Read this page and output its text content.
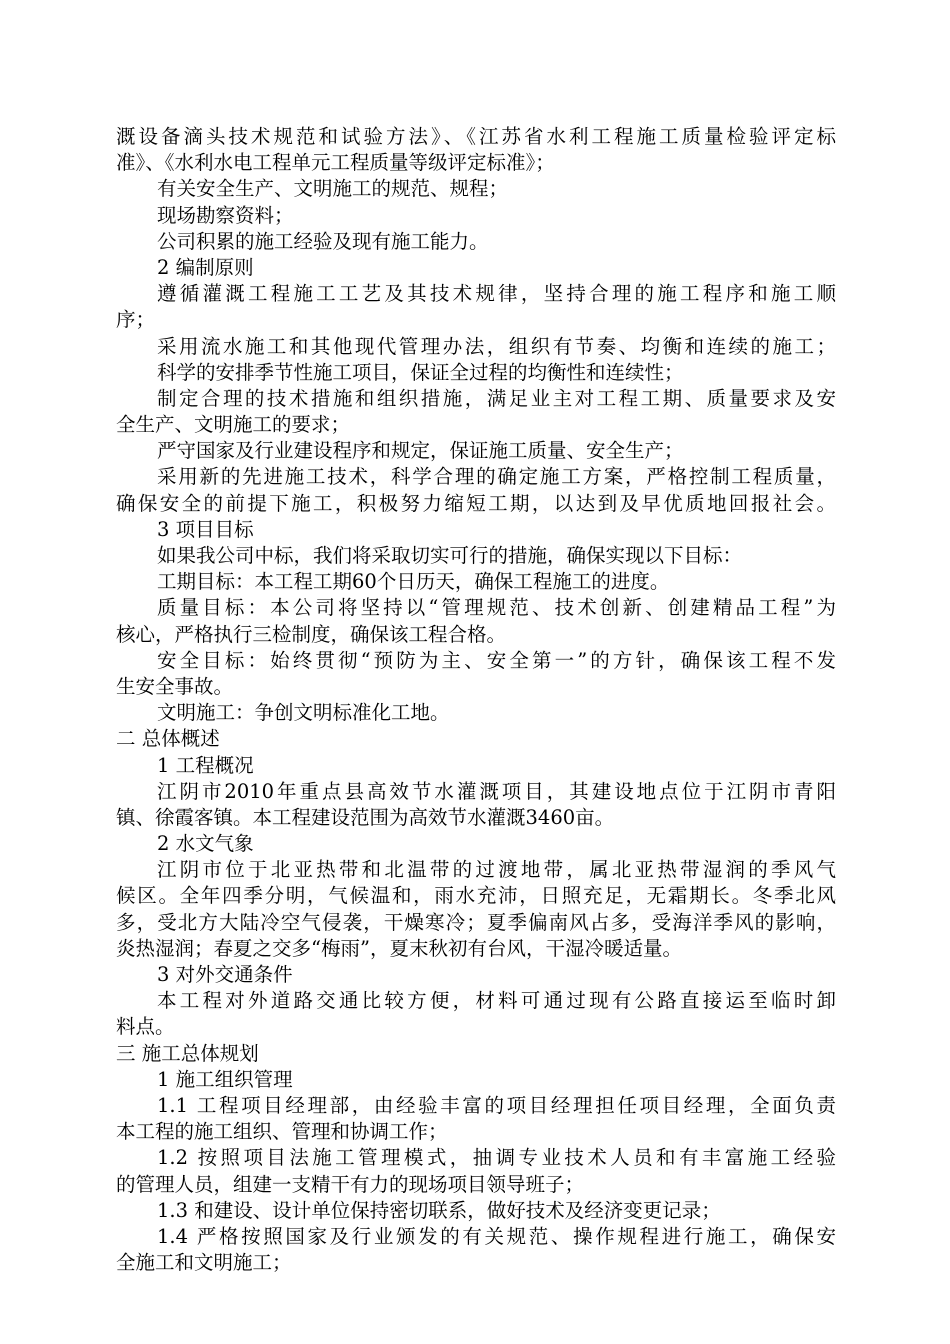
溉设备滴头技术规范和试验方法》、《江苏省水利工程施工质量检验评定标
准》、《水利水电工程单元工程质量等级评定标准》；
有关安全生产、文明施工的规范、规程；
现场勘察资料；
公司积累的施工经验及现有施工能力。
2 编制原则
遵循灌溉工程施工工艺及其技术规律，坚持合理的施工程序和施工顺
序；
采用流水施工和其他现代管理办法，组织有节奏、均衡和连续的施工；
科学的安排季节性施工项目，保证全过程的均衡性和连续性；
制定合理的技术措施和组织措施，满足业主对工程工期、质量要求及安
全生产、文明施工的要求；
严守国家及行业建设程序和规定，保证施工质量、安全生产；
采用新的先进施工技术，科学合理的确定施工方案，严格控制工程质量，
确保安全的前提下施工，积极努力缩短工期，以达到及早优质地回报社会。
3 项目目标
如果我公司中标，我们将采取切实可行的措施，确保实现以下目标：
工期目标：本工程工期60个日历天，确保工程施工的进度。
质量目标：本公司将坚持以“管理规范、技术创新、创建精品工程”为
核心，严格执行三检制度，确保该工程合格。
安全目标：始终贯彻“预防为主、安全第一”的方针，确保该工程不发
生安全事故。
文明施工：争创文明标准化工地。
二 总体概述
1 工程概况
江阴市2010年重点县高效节水灌溉项目，其建设地点位于江阴市青阳
镇、徐霞客镇。本工程建设范围为高效节水灌溉3460亩。
2 水文气象
江阴市位于北亚热带和北温带的过渡地带，属北亚热带湿润的季风气
候区。全年四季分明，气候温和，雨水充沛，日照充足，无霜期长。冬季北风
多，受北方大陆冷空气侵袭，干燥寒冷；夏季偏南风占多，受海洋季风的影响，
炎热湿润；春夏之交多“梅雨”，夏末秋初有台风，干湿冷暖适量。
3 对外交通条件
本工程对外道路交通比较方便，材料可通过现有公路直接运至临时卸
料点。
三 施工总体规划
1 施工组织管理
1.1 工程项目经理部，由经验丰富的项目经理担任项目经理，全面负责
本工程的施工组织、管理和协调工作；
1.2 按照项目法施工管理模式，抽调专业技术人员和有丰富施工经验
的管理人员，组建一支精干有力的现场项目领导班子；
1.3 和建设、设计单位保持密切联系，做好技术及经济变更记录；
1.4 严格按照国家及行业颁发的有关规范、操作规程进行施工，确保安
全施工和文明施工；
